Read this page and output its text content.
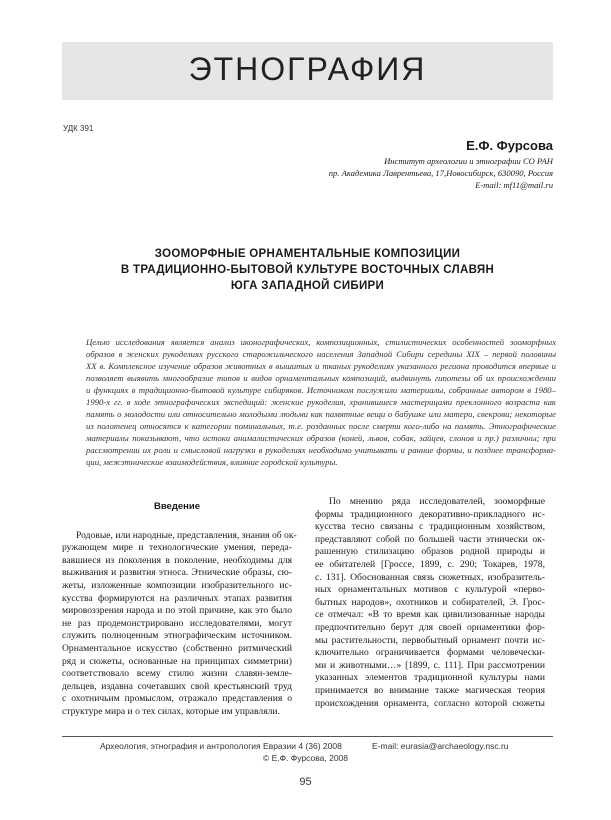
ЭТНОГРАФИЯ
УДК 391
Е.Ф. Фурсова
Институт археологии и этнографии СО РАН
пр. Академика Лаврентьева, 17,Новосибирск, 630090, Россия
E-mail: mf11@mail.ru
ЗООМОРФНЫЕ ОРНАМЕНТАЛЬНЫЕ КОМПОЗИЦИИ
В ТРАДИЦИОННО-БЫТОВОЙ КУЛЬТУРЕ ВОСТОЧНЫХ СЛАВЯН
ЮГА ЗАПАДНОЙ СИБИРИ
Целью исследования является анализ иконографических, композиционных, стилистических особенностей зооморфных
образов в женских рукоделиях русского старожильческого населения Западной Сибири середины XIX – первой половины
XX в. Комплексное изучение образов животных в вышитых и тканых рукоделиях указанного региона проводится впервые и
позволяет выявить многообразие типов и видов орнаментальных композиций, выдвинуть гипотезы об их происхождении
и функциях в традиционно-бытовой культуре сибиряков. Источником послужили материалы, собранные автором в 1980–
1990-х гг. в ходе этнографических экспедиций: женские рукоделия, хранившиеся мастерицами преклонного возраста как
память о молодости или относительно молодыми людьми как памятные вещи о бабушке или матери, свекрови; некоторые
из полотенец относятся к категории поминальных, т.е. розданных после смерти кого-либо на память. Этнографические
материалы показывают, что истоки анималистических образов (коней, львов, собак, зайцев, слонов и пр.) различны; при
рассмотрении их роли и смысловой нагрузки в рукоделиях необходимо учитывать и ранние формы, и позднее трансформа-
ции, межэтнические взаимодействия, влияние городской культуры.
Введение
Родовые, или народные, представления, знания об ок-
ружающем мире и технологические умения, переда-
вавшиеся из поколения в поколение, необходимы для
выживания и развития этноса. Этнические образы, сю-
жеты, изложенные композиции изобразительного ис-
кусства формируются на различных этапах развития
мировоззрения народа и по этой причине, как это было
не раз продемонстрировано исследователями, могут
служить полноценным этнографическим источником.
Орнаментальное искусство (собственно ритмический
ряд и сюжеты, основанные на принципах симметрии)
соответствовало всему стилю жизни славян-земле-
дельцев, издавна сочетавших свой крестьянский труд
с охотничьим промыслом, отражало представления о
структуре мира и о тех силах, которые им управляли.
По мнению ряда исследователей, зооморфные
формы традиционного декоративно-прикладного ис-
кусства тесно связаны с традиционным хозяйством,
представляют собой по большей части этнически ок-
рашенную стилизацию образов родной природы и
ее обитателей [Гроссе, 1899, с. 290; Токарев, 1978,
с. 131]. Обоснованная связь сюжетных, изобразитель-
ных орнаментальных мотивов с культурой «перво-
бытных народов», охотников и собирателей, Э. Грос-
се отмечал: «В то время как цивилизованные народы
предпочтительно берут для своей орнаментики фор-
мы растительности, первобытный орнамент почти ис-
ключительно ограничивается формами человечески-
ми и животными…» [1899, с. 111]. При рассмотрении
указанных элементов традиционной культуры нами
принимается во внимание также магическая теория
происхождения орнамента, согласно которой сюжеты
Археология, этнография и антропология Евразии 4 (36) 2008	E-mail: eurasia@archaeology.nsc.ru
© Е.Ф. Фурсова, 2008
95
